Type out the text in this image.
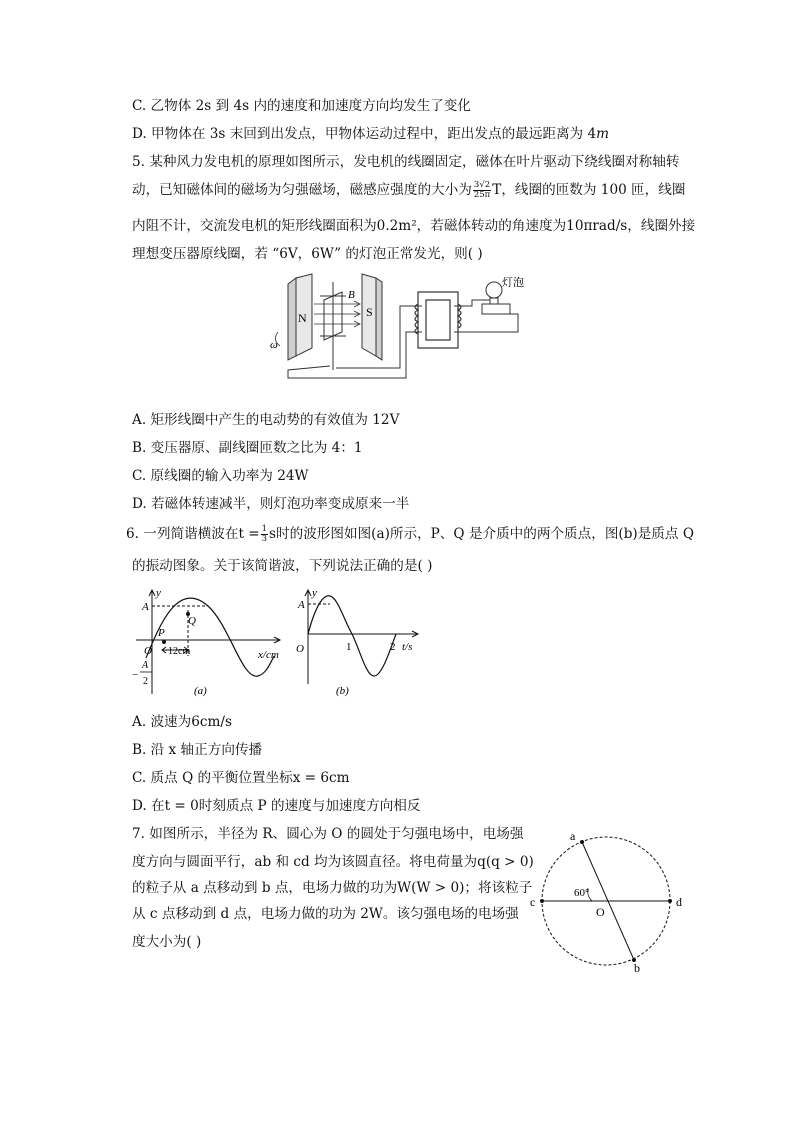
C. 乙物体 2s 到 4s 内的速度和加速度方向均发生了变化
D. 甲物体在 3s 末回到出发点，甲物体运动过程中，距出发点的最远距离为 4m
5. 某种风力发电机的原理如图所示，发电机的线圈固定，磁体在叶片驱动下绕线圈对称轴转
动，已知磁体间的磁场为匀强磁场，磁感应强度的大小为 $\frac{3√2}{25\pi}$ T，线圈的匝数为 100 匝，线圈
内阻不计，交流发电机的矩形线圈面积为0.2m²，若磁体转动的角速度为10πrad/s，线圈外接
理想变压器原线圈，若 “6V，6W” 的灯泡正常发光，则( )
N
B
S
ω
灯泡
A. 矩形线圈中产生的电动势的有效值为 12V
B. 变压器原、副线圈匝数之比为 4：1
C. 原线圈的输入功率为 24W
D. 若磁体转速减半，则灯泡功率变成原来一半
6. 一列简谐横波在$t = \frac{1}{3}$ s时的波形图如图(a)所示，P、Q 是介质中的两个质点，图(b)是质点 Q
的振动图象。关于该简谐波，下列说法正确的是( )
y
A
O
P
Q
x/cm
12cm
−
A
2
(a)
y
A
O	1	2 t/s
(b)
A. 波速为6cm/s
B. 沿 x 轴正方向传播
C. 质点 Q 的平衡位置坐标x = 6cm
D. 在t = 0时刻质点 P 的速度与加速度方向相反
7. 如图所示，半径为 R、圆心为 O 的圆处于匀强电场中，电场强
度方向与圆面平行，ab 和 cd 均为该圆直径。将电荷量为q(q > 0)
的粒子从 a 点移动到 b 点，电场力做的功为W(W > 0)；将该粒子
从 c 点移动到 d 点，电场力做的功为 2W。该匀强电场的电场强
度大小为( )
a
b
c	d
O
60°
